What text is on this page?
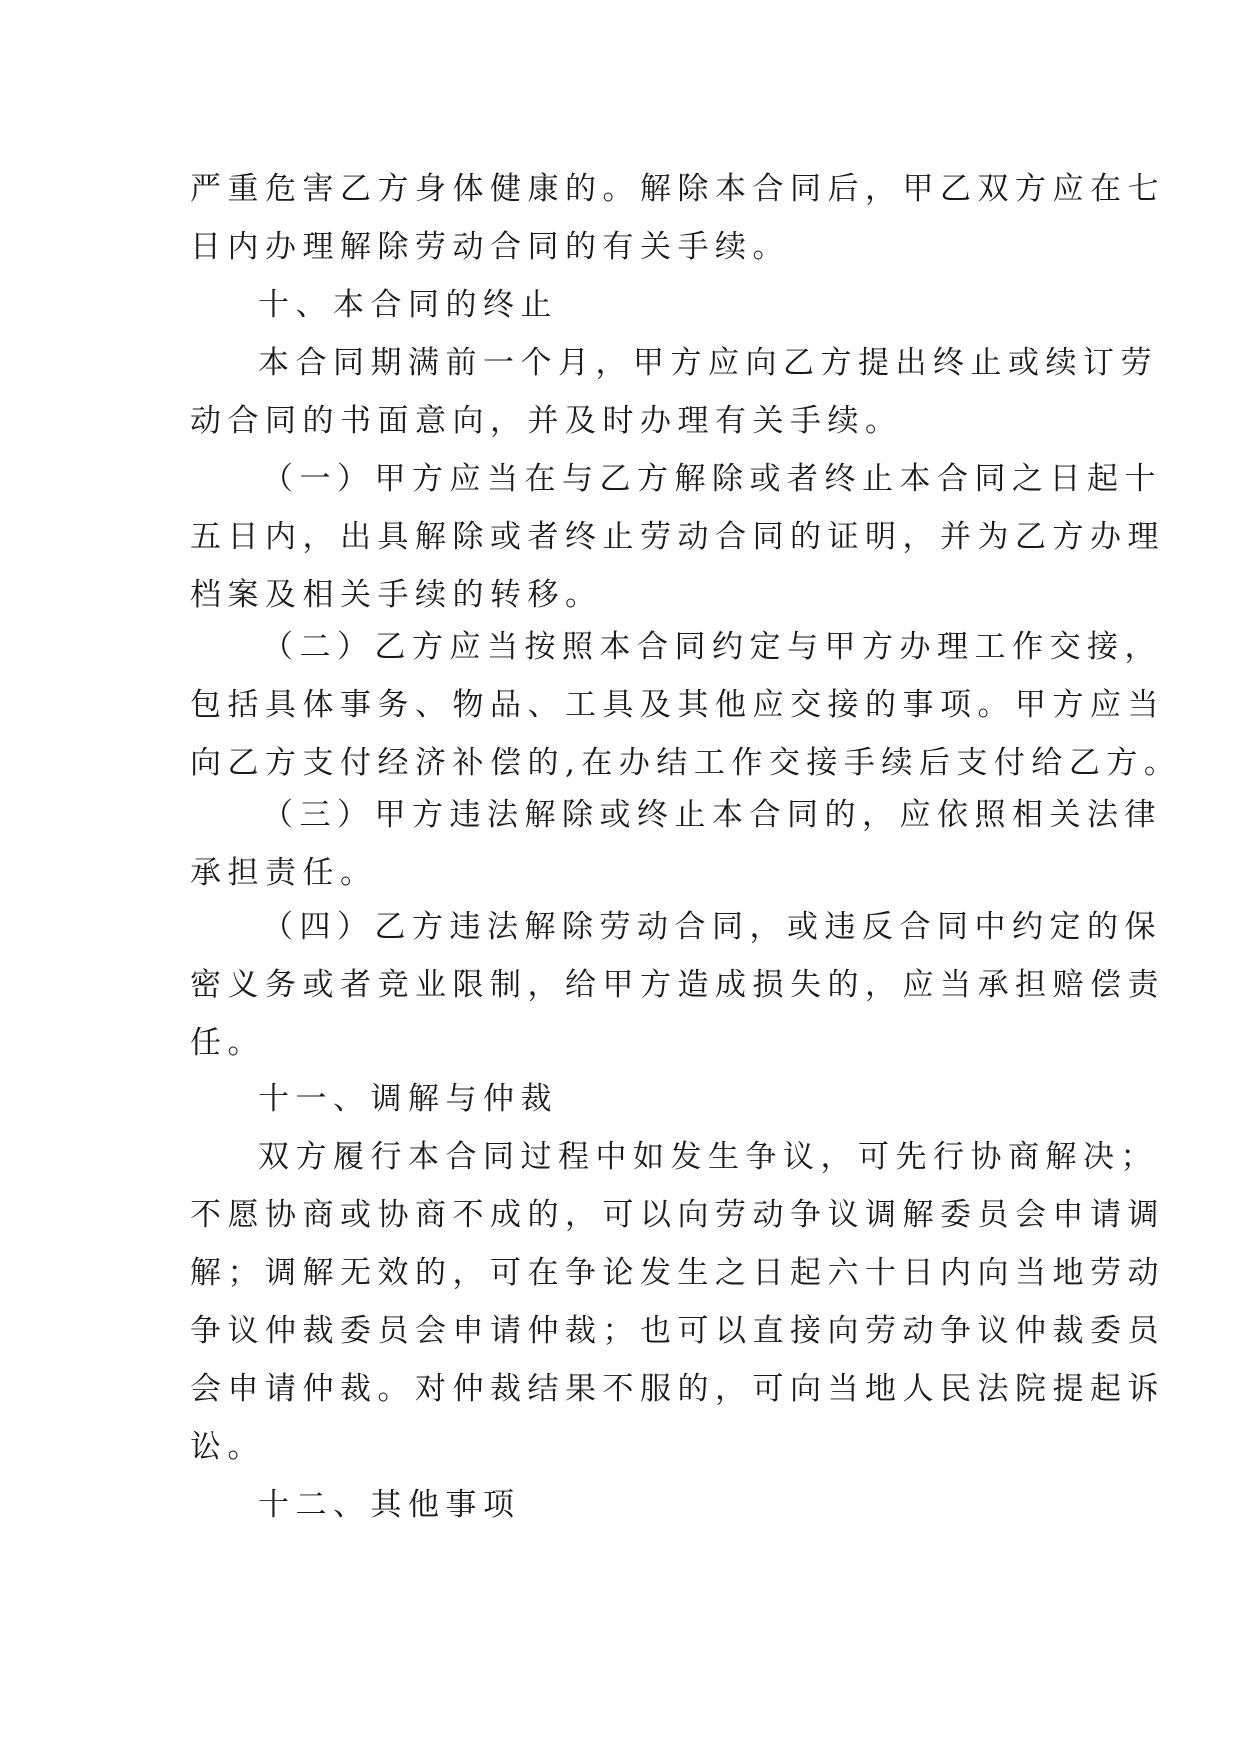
严重危害乙方身体健康的。解除本合同后，甲乙双方应在七
日内办理解除劳动合同的有关手续。
十、本合同的终止
本合同期满前一个月，甲方应向乙方提出终止或续订劳
动合同的书面意向，并及时办理有关手续。
（一）甲方应当在与乙方解除或者终止本合同之日起十
五日内，出具解除或者终止劳动合同的证明，并为乙方办理
档案及相关手续的转移。
（二）乙方应当按照本合同约定与甲方办理工作交接，
包括具体事务、物品、工具及其他应交接的事项。甲方应当
向乙方支付经济补偿的,在办结工作交接手续后支付给乙方。
（三）甲方违法解除或终止本合同的，应依照相关法律
承担责任。
（四）乙方违法解除劳动合同，或违反合同中约定的保
密义务或者竞业限制，给甲方造成损失的，应当承担赔偿责
任。
十一、调解与仲裁
双方履行本合同过程中如发生争议，可先行协商解决；
不愿协商或协商不成的，可以向劳动争议调解委员会申请调
解；调解无效的，可在争论发生之日起六十日内向当地劳动
争议仲裁委员会申请仲裁；也可以直接向劳动争议仲裁委员
会申请仲裁。对仲裁结果不服的，可向当地人民法院提起诉
讼。
十二、其他事项
